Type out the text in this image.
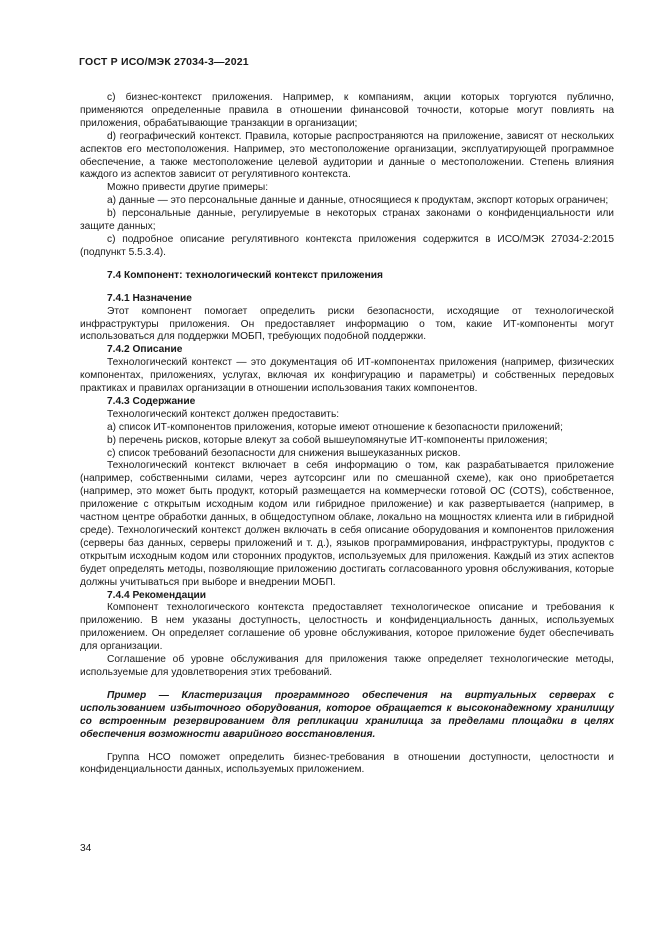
ГОСТ Р ИСО/МЭК 27034-3—2021

c) бизнес-контекст приложения. Например, к компаниям, акции которых торгуются публично, применяются определенные правила в отношении финансовой точности, которые могут повлиять на приложения, обрабатывающие транзакции в организации;

d) географический контекст. Правила, которые распространяются на приложение, зависят от нескольких аспектов его местоположения. Например, это местоположение организации, эксплуатирующей программное обеспечение, а также местоположение целевой аудитории и данные о местоположении. Степень влияния каждого из аспектов зависит от регулятивного контекста.

Можно привести другие примеры:

a) данные — это персональные данные и данные, относящиеся к продуктам, экспорт которых ограничен;

b) персональные данные, регулируемые в некоторых странах законами о конфиденциальности или защите данных;

c) подробное описание регулятивного контекста приложения содержится в ИСО/МЭК 27034-2:2015 (подпункт 5.5.3.4).

7.4 Компонент: технологический контекст приложения

7.4.1 Назначение

Этот компонент помогает определить риски безопасности, исходящие от технологической инфраструктуры приложения. Он предоставляет информацию о том, какие ИТ-компоненты могут использоваться для поддержки МОБП, требующих подобной поддержки.

7.4.2 Описание

Технологический контекст — это документация об ИТ-компонентах приложения (например, физических компонентах, приложениях, услугах, включая их конфигурацию и параметры) и собственных передовых практиках и правилах организации в отношении использования таких компонентов.

7.4.3 Содержание

Технологический контекст должен предоставить:

a) список ИТ-компонентов приложения, которые имеют отношение к безопасности приложений;

b) перечень рисков, которые влекут за собой вышеупомянутые ИТ-компоненты приложения;

c) список требований безопасности для снижения вышеуказанных рисков.

Технологический контекст включает в себя информацию о том, как разрабатывается приложение (например, собственными силами, через аутсорсинг или по смешанной схеме), как оно приобретается (например, это может быть продукт, который размещается на коммерчески готовой ОС (COTS), собственное, приложение с открытым исходным кодом или гибридное приложение) и как развертывается (например, в частном центре обработки данных, в общедоступном облаке, локально на мощностях клиента или в гибридной среде). Технологический контекст должен включать в себя описание оборудования и компонентов приложения (серверы баз данных, серверы приложений и т. д.), языков программирования, инфраструктуры, продуктов с открытым исходным кодом или сторонних продуктов, используемых для приложения. Каждый из этих аспектов будет определять методы, позволяющие приложению достигать согласованного уровня обслуживания, которые должны учитываться при выборе и внедрении МОБП.

7.4.4 Рекомендации

Компонент технологического контекста предоставляет технологическое описание и требования к приложению. В нем указаны доступность, целостность и конфиденциальность данных, используемых приложением. Он определяет соглашение об уровне обслуживания, которое приложение будет обеспечивать для организации.

Соглашение об уровне обслуживания для приложения также определяет технологические методы, используемые для удовлетворения этих требований.

Пример — Кластеризация программного обеспечения на виртуальных серверах с использованием избыточного оборудования, которое обращается к высоконадежному хранилищу со встроенным резервированием для репликации хранилища за пределами площадки в целях обеспечения возможности аварийного восстановления.

Группа НСО поможет определить бизнес-требования в отношении доступности, целостности и конфиденциальности данных, используемых приложением.

34
